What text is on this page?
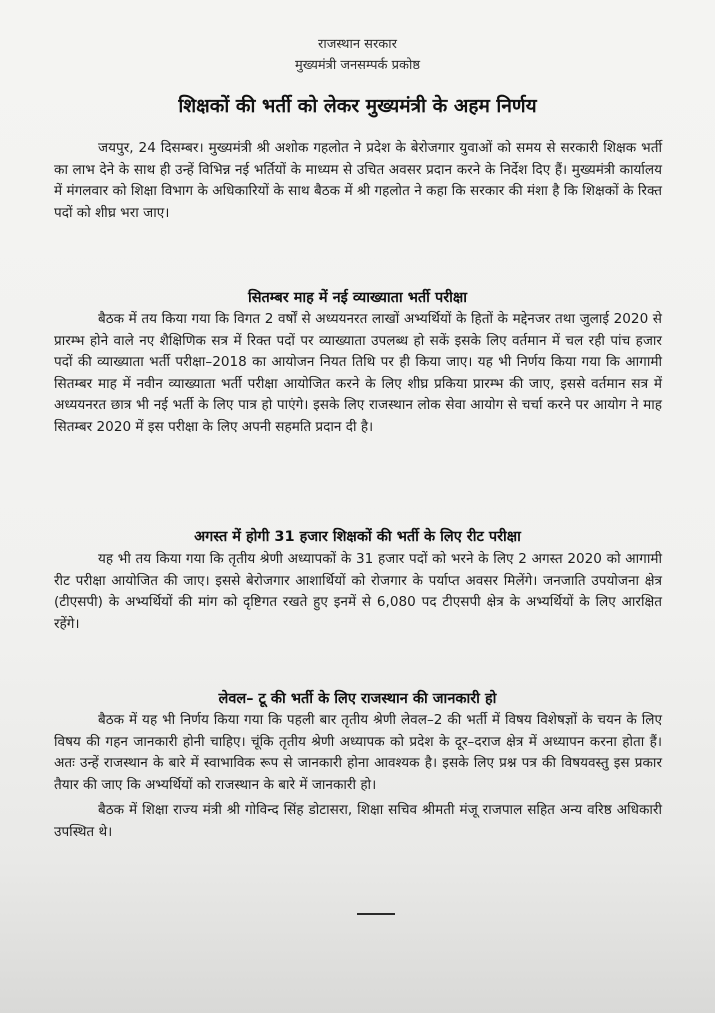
राजस्थान सरकार
मुख्यमंत्री जनसम्पर्क प्रकोष्ठ
शिक्षकों की भर्ती को लेकर मुख्यमंत्री के अहम निर्णय

जयपुर, 24 दिसम्बर। मुख्यमंत्री श्री अशोक गहलोत ने प्रदेश के बेरोजगार युवाओं को समय से सरकारी शिक्षक भर्ती का लाभ देने के साथ ही उन्हें विभिन्न नई भर्तियों के माध्यम से उचित अवसर प्रदान करने के निर्देश दिए हैं। मुख्यमंत्री कार्यालय में मंगलवार को शिक्षा विभाग के अधिकारियों के साथ बैठक में श्री गहलोत ने कहा कि सरकार की मंशा है कि शिक्षकों के रिक्त पदों को शीघ्र भरा जाए।

सितम्बर माह में नई व्याख्याता भर्ती परीक्षा

बैठक में तय किया गया कि विगत 2 वर्षों से अध्ययनरत लाखों अभ्यर्थियों के हितों के मद्देनजर तथा जुलाई 2020 से प्रारम्भ होने वाले नए शैक्षिणिक सत्र में रिक्त पदों पर व्याख्याता उपलब्ध हो सकें इसके लिए वर्तमान में चल रही पांच हजार पदों की व्याख्याता भर्ती परीक्षा–2018 का आयोजन नियत तिथि पर ही किया जाए। यह भी निर्णय किया गया कि आगामी सितम्बर माह में नवीन व्याख्याता भर्ती परीक्षा आयोजित करने के लिए शीघ्र प्रकिया प्रारम्भ की जाए, इससे वर्तमान सत्र में अध्ययनरत छात्र भी नई भर्ती के लिए पात्र हो पाएंगे। इसके लिए राजस्थान लोक सेवा आयोग से चर्चा करने पर आयोग ने माह सितम्बर 2020 में इस परीक्षा के लिए अपनी सहमति प्रदान दी है।

अगस्त में होगी 31 हजार शिक्षकों की भर्ती के लिए रीट परीक्षा

यह भी तय किया गया कि तृतीय श्रेणी अध्यापकों के 31 हजार पदों को भरने के लिए 2 अगस्त 2020 को आगामी रीट परीक्षा आयोजित की जाए। इससे बेरोजगार आशार्थियों को रोजगार के पर्याप्त अवसर मिलेंगे। जनजाति उपयोजना क्षेत्र (टीएसपी) के अभ्यर्थियों की मांग को दृष्टिगत रखते हुए इनमें से 6,080 पद टीएसपी क्षेत्र के अभ्यर्थियों के लिए आरक्षित रहेंगे।

लेवल– टू की भर्ती के लिए राजस्थान की जानकारी हो

बैठक में यह भी निर्णय किया गया कि पहली बार तृतीय श्रेणी लेवल–2 की भर्ती में विषय विशेषज्ञों के चयन के लिए विषय की गहन जानकारी होनी चाहिए। चूंकि तृतीय श्रेणी अध्यापक को प्रदेश के दूर–दराज क्षेत्र में अध्यापन करना होता हैं। अतः उन्हें राजस्थान के बारे में स्वाभाविक रूप से जानकारी होना आवश्यक है। इसके लिए प्रश्न पत्र की विषयवस्तु इस प्रकार तैयार की जाए कि अभ्यर्थियों को राजस्थान के बारे में जानकारी हो।

बैठक में शिक्षा राज्य मंत्री श्री गोविन्द सिंह डोटासरा, शिक्षा सचिव श्रीमती मंजू राजपाल सहित अन्य वरिष्ठ अधिकारी उपस्थित थे।
